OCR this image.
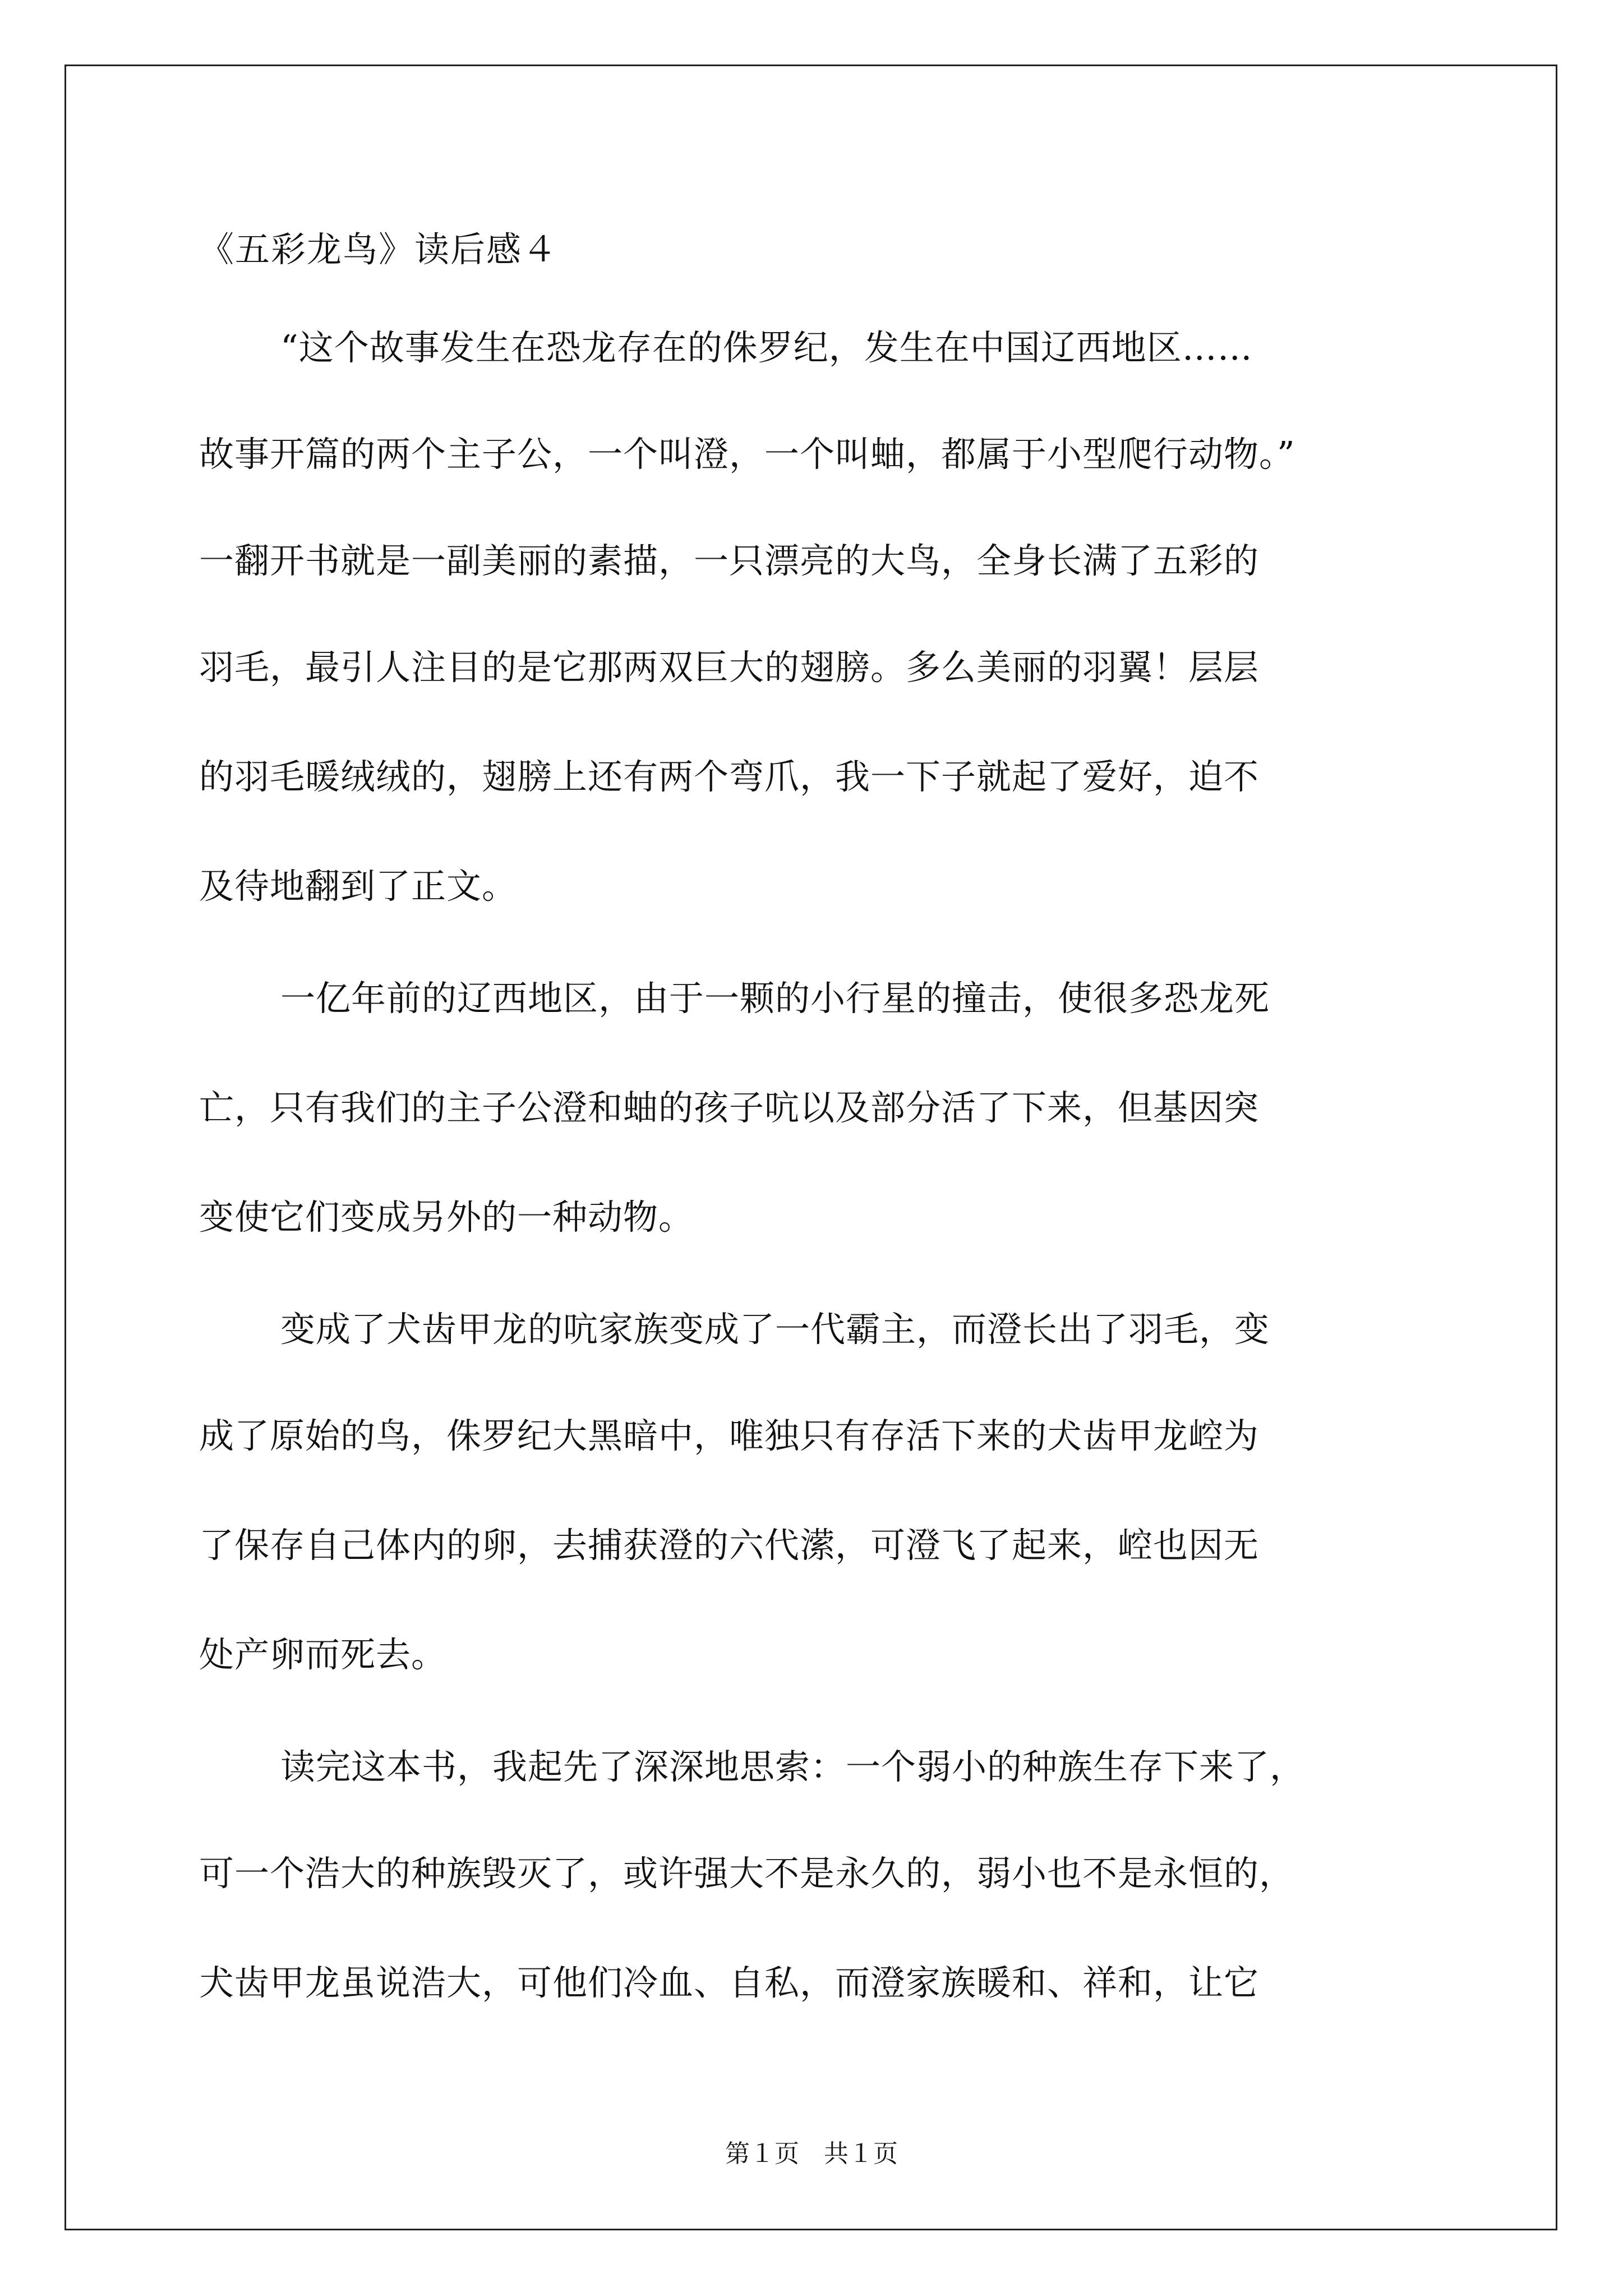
《五彩龙鸟》读后感４
“这个故事发生在恐龙存在的侏罗纪，发生在中国辽西地区……
故事开篇的两个主子公，一个叫澄，一个叫蚰，都属于小型爬行动物。”
一翻开书就是一副美丽的素描，一只漂亮的大鸟，全身长满了五彩的
羽毛，最引人注目的是它那两双巨大的翅膀。多么美丽的羽翼！层层
的羽毛暖绒绒的，翅膀上还有两个弯爪，我一下子就起了爱好，迫不
及待地翻到了正文。
一亿年前的辽西地区，由于一颗的小行星的撞击，使很多恐龙死
亡，只有我们的主子公澄和蚰的孩子吭以及部分活了下来，但基因突
变使它们变成另外的一种动物。
变成了犬齿甲龙的吭家族变成了一代霸主，而澄长出了羽毛，变
成了原始的鸟，侏罗纪大黑暗中，唯独只有存活下来的犬齿甲龙崆为
了保存自己体内的卵，去捕获澄的六代潆，可澄飞了起来，崆也因无
处产卵而死去。
读完这本书，我起先了深深地思索：一个弱小的种族生存下来了，
可一个浩大的种族毁灭了，或许强大不是永久的，弱小也不是永恒的，
犬齿甲龙虽说浩大，可他们冷血、自私，而澄家族暖和、祥和，让它
第１页　共１页
